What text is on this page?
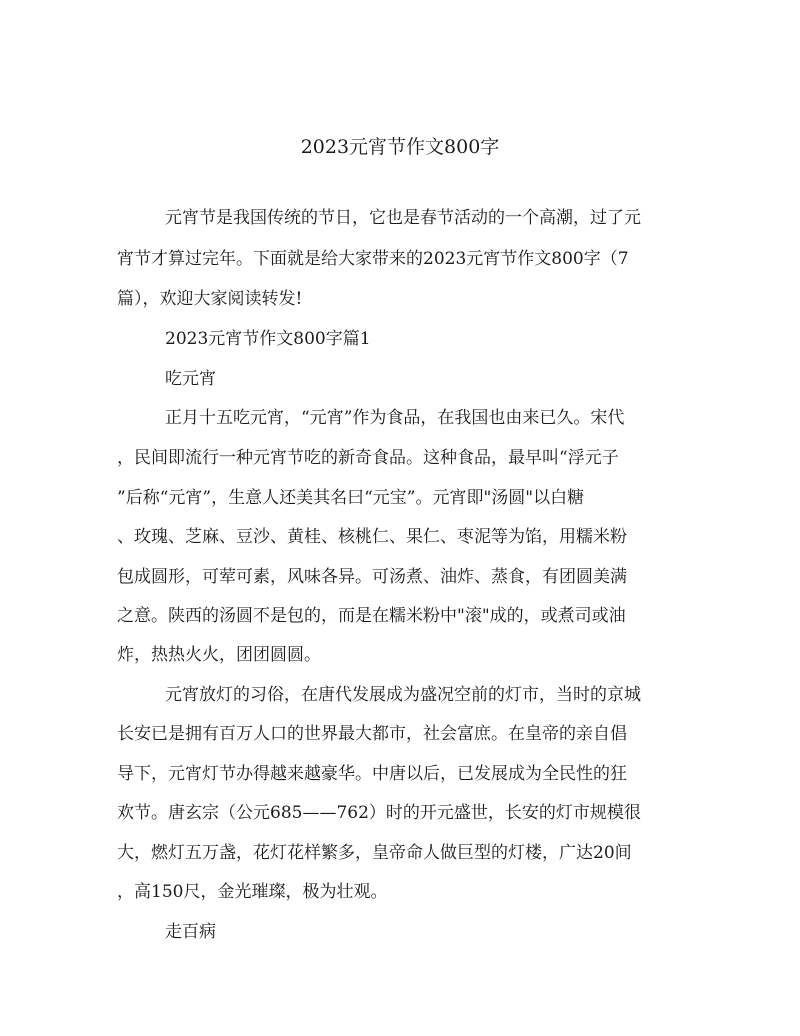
2023元宵节作文800字
元宵节是我国传统的节日，它也是春节活动的一个高潮，过了元
宵节才算过完年。下面就是给大家带来的2023元宵节作文800字（7
篇），欢迎大家阅读转发!
2023元宵节作文800字篇1
吃元宵
正月十五吃元宵，“元宵”作为食品，在我国也由来已久。宋代
，民间即流行一种元宵节吃的新奇食品。这种食品，最早叫“浮元子
”后称“元宵”，生意人还美其名曰“元宝”。元宵即"汤圆"以白糖
、玫瑰、芝麻、豆沙、黄桂、核桃仁、果仁、枣泥等为馅，用糯米粉
包成圆形，可荤可素，风味各异。可汤煮、油炸、蒸食，有团圆美满
之意。陕西的汤圆不是包的，而是在糯米粉中"滚"成的，或煮司或油
炸，热热火火，团团圆圆。
元宵放灯的习俗，在唐代发展成为盛况空前的灯市，当时的京城
长安已是拥有百万人口的世界最大都市，社会富庶。在皇帝的亲自倡
导下，元宵灯节办得越来越豪华。中唐以后，已发展成为全民性的狂
欢节。唐玄宗（公元685——762）时的开元盛世，长安的灯市规模很
大，燃灯五万盏，花灯花样繁多，皇帝命人做巨型的灯楼，广达20间
，高150尺，金光璀璨，极为壮观。
走百病
